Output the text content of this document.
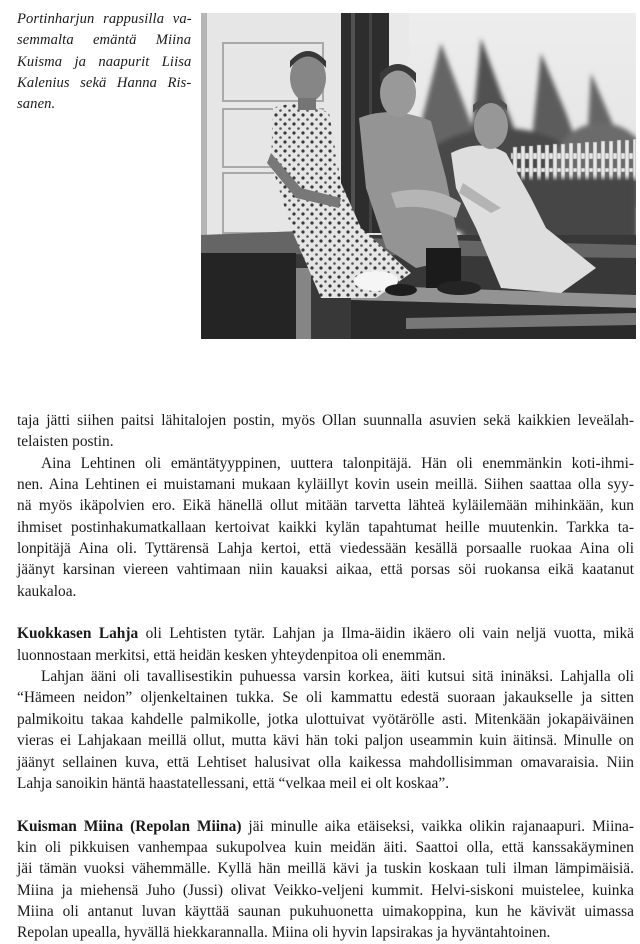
Portinharjun rappusilla va-
semmalta emäntä Miina
Kuisma ja naapurit Liisa
Kalenius sekä Hanna Ris-
sanen.

taja jätti siihen paitsi lähitalojen postin, myös Ollan suunnalla asuvien sekä kaikkien leveälah-
telaisten postin.

Aina Lehtinen oli emäntätyyppinen, uuttera talonpitäjä. Hän oli enemmänkin koti-ihmi-
nen. Aina Lehtinen ei muistamani mukaan kyläillyt kovin usein meillä. Siihen saattaa olla syy-
nä myös ikäpolvien ero. Eikä hänellä ollut mitään tarvetta lähteä kyläilemään mihinkään, kun
ihmiset postinhakumatkallaan kertoivat kaikki kylän tapahtumat heille muutenkin. Tarkka ta-
lonpitäjä Aina oli. Tyttärensä Lahja kertoi, että viedessään kesällä porsaalle ruokaa Aina oli
jäänyt karsinan viereen vahtimaan niin kauaksi aikaa, että porsas söi ruokansa eikä kaatanut
kaukaloa.

Kuokkasen Lahja oli Lehtisten tytär. Lahjan ja Ilma-äidin ikäero oli vain neljä vuotta, mikä
luonnostaan merkitsi, että heidän kesken yhteydenpitoa oli enemmän.

Lahjan ääni oli tavallisestikin puhuessa varsin korkea, äiti kutsui sitä ininäksi. Lahjalla oli
“Hämeen neidon” oljenkeltainen tukka. Se oli kammattu edestä suoraan jakaukselle ja sitten
palmikoitu takaa kahdelle palmikolle, jotka ulottuivat vyötärölle asti. Mitenkään jokapäiväinen
vieras ei Lahjakaan meillä ollut, mutta kävi hän toki paljon useammin kuin äitinsä. Minulle on
jäänyt sellainen kuva, että Lehtiset halusivat olla kaikessa mahdollisimman omavaraisia. Niin
Lahja sanoikin häntä haastatellessani, että “velkaa meil ei olt koskaa”.

Kuisman Miina (Repolan Miina) jäi minulle aika etäiseksi, vaikka olikin rajanaapuri. Miina-
kin oli pikkuisen vanhempaa sukupolvea kuin meidän äiti. Saattoi olla, että kanssakäyminen
jäi tämän vuoksi vähemmälle. Kyllä hän meillä kävi ja tuskin koskaan tuli ilman lämpimäisiä.
Miina ja miehensä Juho (Jussi) olivat Veikko-veljeni kummit. Helvi-siskoni muistelee, kuinka
Miina oli antanut luvan käyttää saunan pukuhuonetta uimakoppina, kun he kävivät uimassa
Repolan upealla, hyvällä hiekkarannalla. Miina oli hyvin lapsirakas ja hyväntahtoinen.
